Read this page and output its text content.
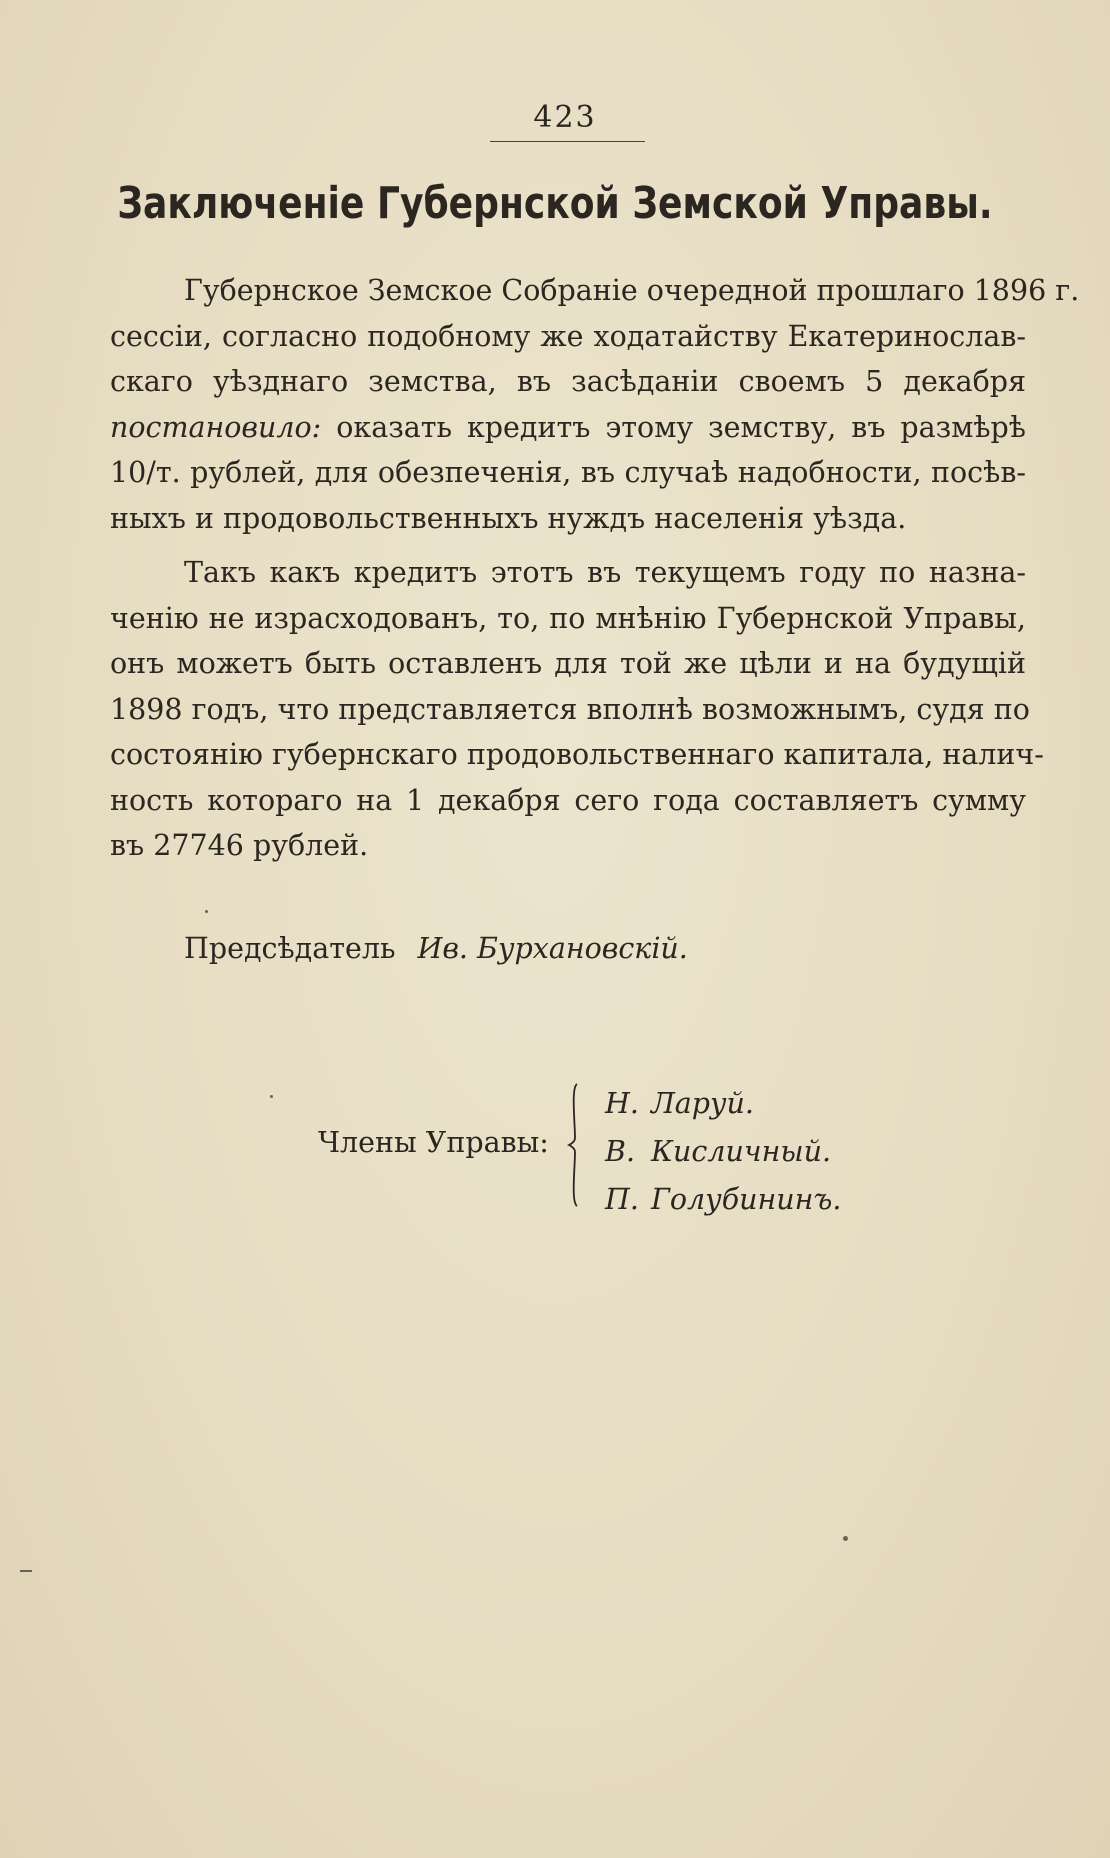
423
Заключеніе Губернской Земской Управы.
Губернское Земское Собраніе очередной прошлаго 1896 г.
сессіи, согласно подобному же ходатайству Екатеринослав-
скаго уѣзднаго земства, въ засѣданіи своемъ 5 декабря
постановило: оказать кредитъ этому земству, въ размѣрѣ
10/т. рублей, для обезпеченія, въ случаѣ надобности, посѣв-
ныхъ и продовольственныхъ нуждъ населенія уѣзда.
Такъ какъ кредитъ этотъ въ текущемъ году по назна-
ченію не израсходованъ, то, по мнѣнію Губернской Управы,
онъ можетъ быть оставленъ для той же цѣли и на будущій
1898 годъ, что представляется вполнѣ возможнымъ, судя по
состоянію губернскаго продовольственнаго капитала, налич-
ность котораго на 1 декабря сего года составляетъ сумму
въ 27746 рублей.
Предсѣдатель Ив. Бурхановскій.
Члены Управы:
Н. Ларуй.
В. Кисличный.
П. Голубининъ.
